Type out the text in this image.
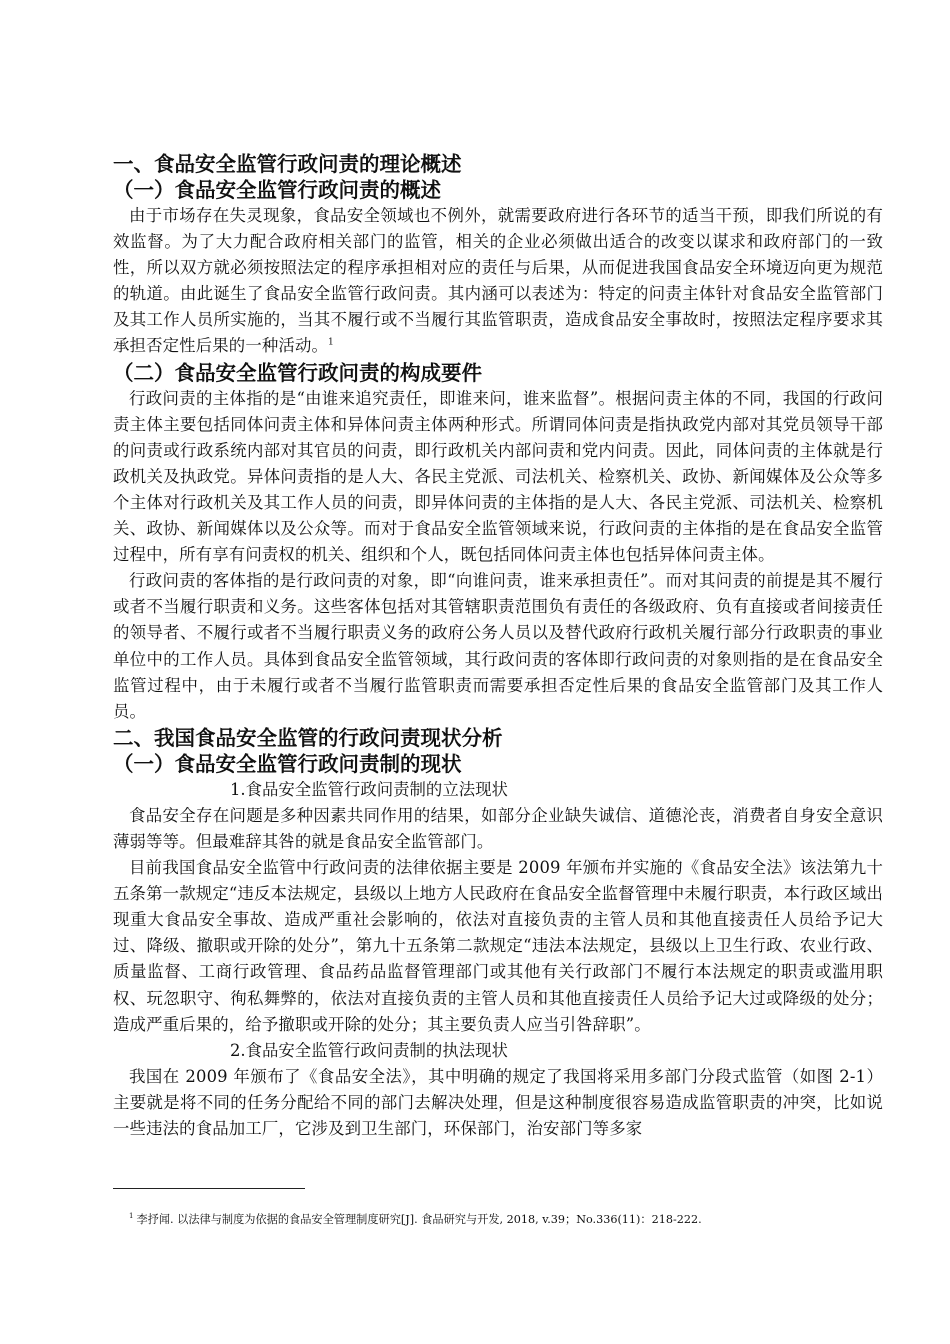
一、食品安全监管行政问责的理论概述
（一）食品安全监管行政问责的概述

由于市场存在失灵现象，食品安全领域也不例外，就需要政府进行各环节的适当干预，即我们所说的有效监督。为了大力配合政府相关部门的监管，相关的企业必须做出适合的改变以谋求和政府部门的一致性，所以双方就必须按照法定的程序承担相对应的责任与后果，从而促进我国食品安全环境迈向更为规范的轨道。由此诞生了食品安全监管行政问责。其内涵可以表述为：特定的问责主体针对食品安全监管部门及其工作人员所实施的，当其不履行或不当履行其监管职责，造成食品安全事故时，按照法定程序要求其承担否定性后果的一种活动。$^1$

（二）食品安全监管行政问责的构成要件

行政问责的主体指的是“由谁来追究责任，即谁来问，谁来监督”。根据问责主体的不同，我国的行政问责主体主要包括同体问责主体和异体问责主体两种形式。所谓同体问责是指执政党内部对其党员领导干部的问责或行政系统内部对其官员的问责，即行政机关内部问责和党内问责。因此，同体问责的主体就是行政机关及执政党。异体问责指的是人大、各民主党派、司法机关、检察机关、政协、新闻媒体及公众等多个主体对行政机关及其工作人员的问责，即异体问责的主体指的是人大、各民主党派、司法机关、检察机关、政协、新闻媒体以及公众等。而对于食品安全监管领域来说，行政问责的主体指的是在食品安全监管过程中，所有享有问责权的机关、组织和个人，既包括同体问责主体也包括异体问责主体。

行政问责的客体指的是行政问责的对象，即“向谁问责，谁来承担责任”。而对其问责的前提是其不履行或者不当履行职责和义务。这些客体包括对其管辖职责范围负有责任的各级政府、负有直接或者间接责任的领导者、不履行或者不当履行职责义务的政府公务人员以及替代政府行政机关履行部分行政职责的事业单位中的工作人员。具体到食品安全监管领域，其行政问责的客体即行政问责的对象则指的是在食品安全监管过程中，由于未履行或者不当履行监管职责而需要承担否定性后果的食品安全监管部门及其工作人员。

二、我国食品安全监管的行政问责现状分析
（一）食品安全监管行政问责制的现状

1.食品安全监管行政问责制的立法现状

食品安全存在问题是多种因素共同作用的结果，如部分企业缺失诚信、道德沦丧，消费者自身安全意识薄弱等等。但最难辞其咎的就是食品安全监管部门。

目前我国食品安全监管中行政问责的法律依据主要是 2009 年颁布并实施的《食品安全法》该法第九十五条第一款规定“违反本法规定，县级以上地方人民政府在食品安全监督管理中未履行职责，本行政区域出现重大食品安全事故、造成严重社会影响的，依法对直接负责的主管人员和其他直接责任人员给予记大过、降级、撤职或开除的处分”，第九十五条第二款规定“违法本法规定，县级以上卫生行政、农业行政、质量监督、工商行政管理、食品药品监督管理部门或其他有关行政部门不履行本法规定的职责或滥用职权、玩忽职守、徇私舞弊的，依法对直接负责的主管人员和其他直接责任人员给予记大过或降级的处分；造成严重后果的，给予撤职或开除的处分；其主要负责人应当引咎辞职”。

2.食品安全监管行政问责制的执法现状

我国在 2009 年颁布了《食品安全法》，其中明确的规定了我国将采用多部门分段式监管（如图 2-1）主要就是将不同的任务分配给不同的部门去解决处理，但是这种制度很容易造成监管职责的冲突，比如说一些违法的食品加工厂，它涉及到卫生部门，环保部门，治安部门等多家

$^1$ 李抒闻. 以法律与制度为依据的食品安全管理制度研究[J]. 食品研究与开发, 2018, v.39；No.336(11)：218-222.
